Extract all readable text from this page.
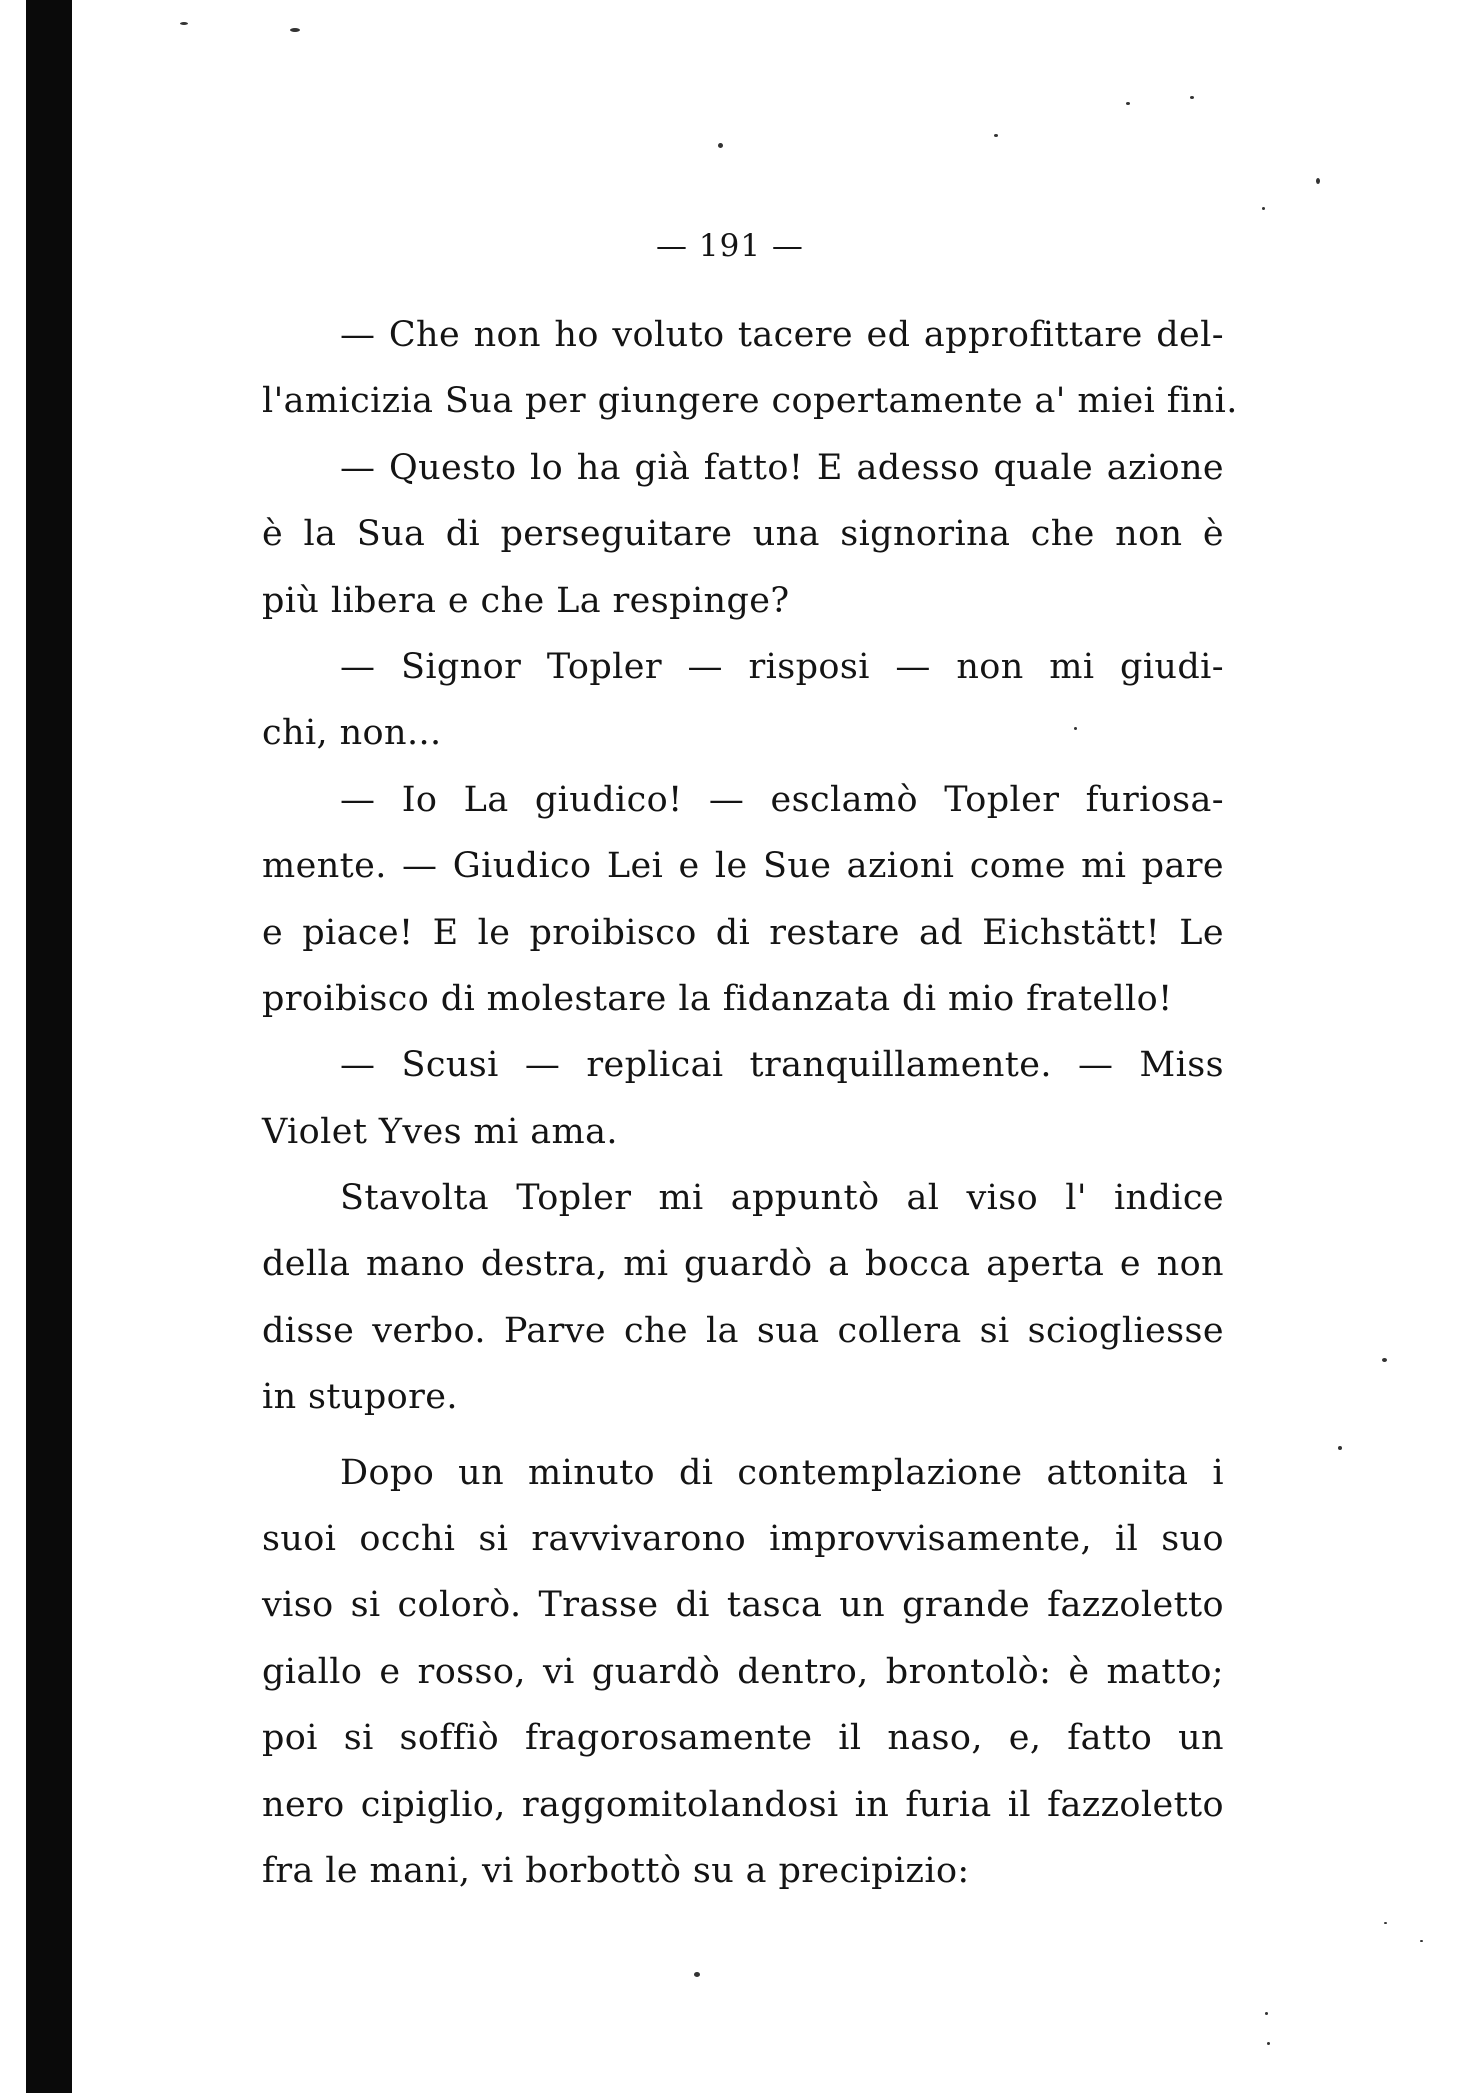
— 191 —
— Che non ho voluto tacere ed approfittare del-
l'amicizia Sua per giungere copertamente a' miei fini.
— Questo lo ha già fatto! E adesso quale azione
è la Sua di perseguitare una signorina che non è
più libera e che La respinge?
— Signor Topler — risposi — non mi giudi-
chi, non...
— Io La giudico! — esclamò Topler furiosa-
mente. — Giudico Lei e le Sue azioni come mi pare
e piace! E le proibisco di restare ad Eichstätt! Le
proibisco di molestare la fidanzata di mio fratello!
— Scusi — replicai tranquillamente. — Miss
Violet Yves mi ama.
Stavolta Topler mi appuntò al viso l' indice
della mano destra, mi guardò a bocca aperta e non
disse verbo. Parve che la sua collera si sciogliesse
in stupore.
Dopo un minuto di contemplazione attonita i
suoi occhi si ravvivarono improvvisamente, il suo
viso si colorò. Trasse di tasca un grande fazzoletto
giallo e rosso, vi guardò dentro, brontolò: è matto;
poi si soffiò fragorosamente il naso, e, fatto un
nero cipiglio, raggomitolandosi in furia il fazzoletto
fra le mani, vi borbottò su a precipizio:
